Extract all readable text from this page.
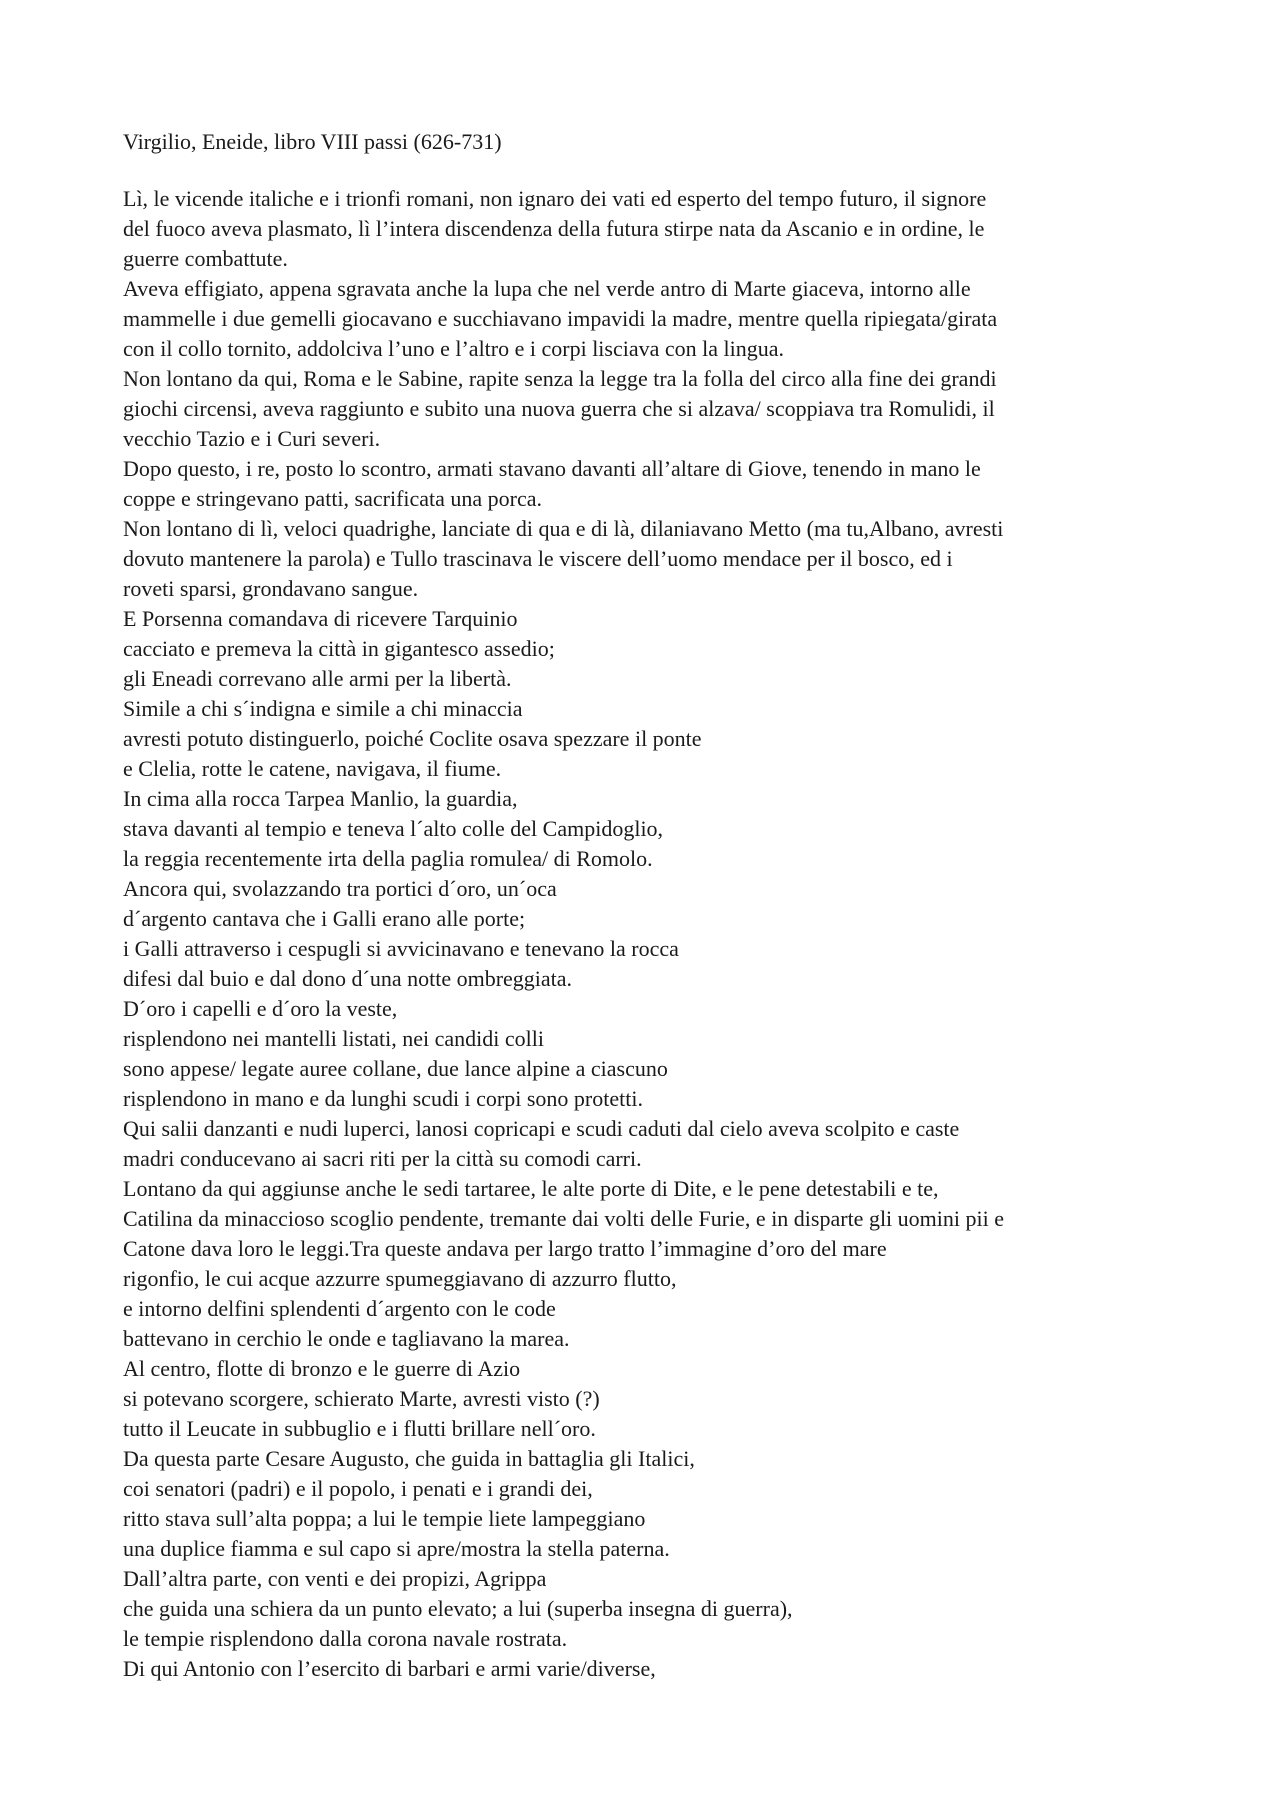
Virgilio, Eneide, libro VIII passi (626-731)
Lì, le vicende italiche e i trionfi romani, non ignaro dei vati ed esperto del tempo futuro, il signore
del fuoco aveva plasmato, lì l’intera discendenza della futura stirpe nata da Ascanio e in ordine, le
guerre combattute.
Aveva effigiato, appena sgravata anche la lupa che nel verde antro di Marte giaceva, intorno alle
mammelle i due gemelli giocavano e succhiavano impavidi la madre, mentre quella ripiegata/girata
con il collo tornito, addolciva l’uno e l’altro e i corpi lisciava con la lingua.
Non lontano da qui, Roma e le Sabine, rapite senza la legge tra la folla del circo alla fine dei grandi
giochi circensi, aveva raggiunto e subito una nuova guerra che si alzava/ scoppiava tra Romulidi, il
vecchio Tazio e i Curi severi.
Dopo questo, i re, posto lo scontro, armati stavano davanti all’altare di Giove, tenendo in mano le
coppe e stringevano patti, sacrificata una porca.
Non lontano di lì, veloci quadrighe, lanciate di qua e di là, dilaniavano Metto (ma tu,Albano, avresti
dovuto mantenere la parola) e Tullo trascinava le viscere dell’uomo mendace per il bosco, ed i
roveti sparsi, grondavano sangue.
E Porsenna comandava di ricevere Tarquinio
cacciato e premeva la città in gigantesco assedio;
gli Eneadi correvano alle armi per la libertà.
Simile a chi s´indigna e simile a chi minaccia
avresti potuto distinguerlo, poiché Coclite osava spezzare il ponte
e Clelia, rotte le catene, navigava, il fiume.
In cima alla rocca Tarpea Manlio, la guardia,
stava davanti al tempio e teneva l´alto colle del Campidoglio,
la reggia recentemente irta della paglia romulea/ di Romolo.
Ancora qui, svolazzando tra portici d´oro, un´oca
d´argento cantava che i Galli erano alle porte;
i Galli attraverso i cespugli si avvicinavano e tenevano la rocca
difesi dal buio e dal dono d´una notte ombreggiata.
D´oro i capelli e d´oro la veste,
risplendono nei mantelli listati, nei candidi colli
sono appese/ legate auree collane, due lance alpine a ciascuno
risplendono in mano e da lunghi scudi i corpi sono protetti.
Qui salii danzanti e nudi luperci, lanosi copricapi e scudi caduti dal cielo aveva scolpito e caste
madri conducevano ai sacri riti per la città su comodi carri.
Lontano da qui aggiunse anche le sedi tartaree, le alte porte di Dite, e le pene detestabili e te,
Catilina da minaccioso scoglio pendente, tremante dai volti delle Furie, e in disparte gli uomini pii e
Catone dava loro le leggi.Tra queste andava per largo tratto l’immagine d’oro del mare
rigonfio, le cui acque azzurre spumeggiavano di azzurro flutto,
e intorno delfini splendenti d´argento con le code
battevano in cerchio le onde e tagliavano la marea.
Al centro, flotte di bronzo e le guerre di Azio
si potevano scorgere, schierato Marte, avresti visto (?)
tutto il Leucate in subbuglio e i flutti brillare nell´oro.
Da questa parte Cesare Augusto, che guida in battaglia gli Italici,
coi senatori (padri) e il popolo, i penati e i grandi dei,
ritto stava sull’alta poppa; a lui le tempie liete lampeggiano
una duplice fiamma e sul capo si apre/mostra la stella paterna.
Dall’altra parte, con venti e dei propizi, Agrippa
che guida una schiera da un punto elevato; a lui (superba insegna di guerra),
le tempie risplendono dalla corona navale rostrata.
Di qui Antonio con l’esercito di barbari e armi varie/diverse,
